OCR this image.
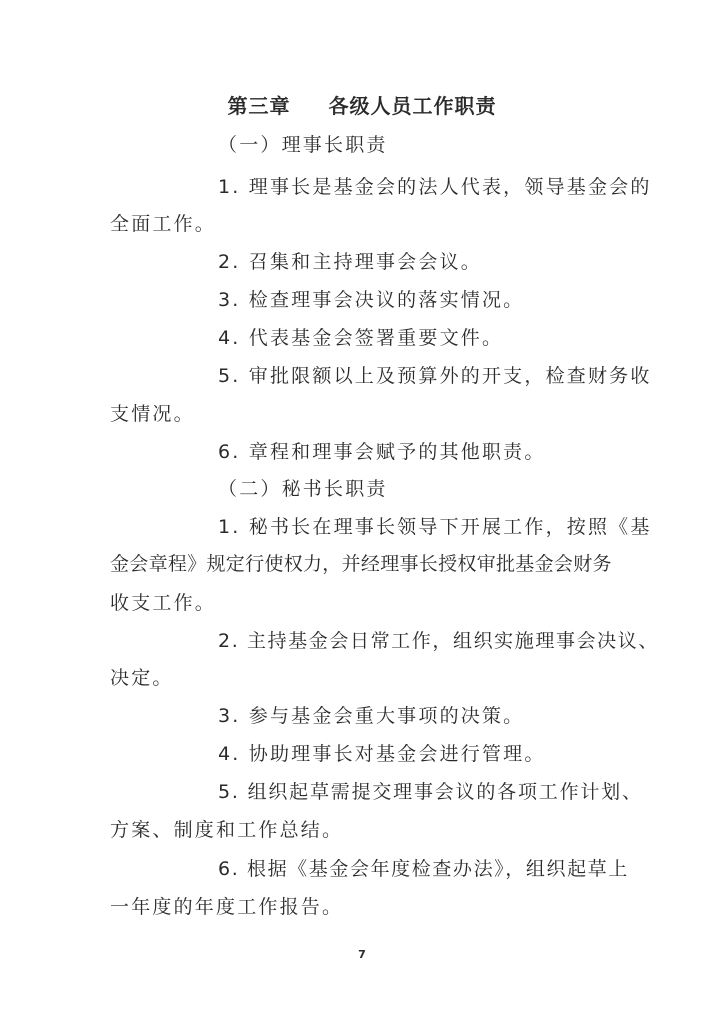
第三章 各级人员工作职责

（一）理事长职责

1. 理事长是基金会的法人代表，领导基金会的

全面工作。

2. 召集和主持理事会会议。

3. 检查理事会决议的落实情况。

4. 代表基金会签署重要文件。

5. 审批限额以上及预算外的开支，检查财务收

支情况。

6. 章程和理事会赋予的其他职责。

（二）秘书长职责

1. 秘书长在理事长领导下开展工作，按照《基

金会章程》规定行使权力，并经理事长授权审批基金会财务

收支工作。

2. 主持基金会日常工作，组织实施理事会决议、

决定。

3. 参与基金会重大事项的决策。

4. 协助理事长对基金会进行管理。

5. 组织起草需提交理事会议的各项工作计划、

方案、制度和工作总结。

6. 根据《基金会年度检查办法》，组织起草上

一年度的年度工作报告。

7
